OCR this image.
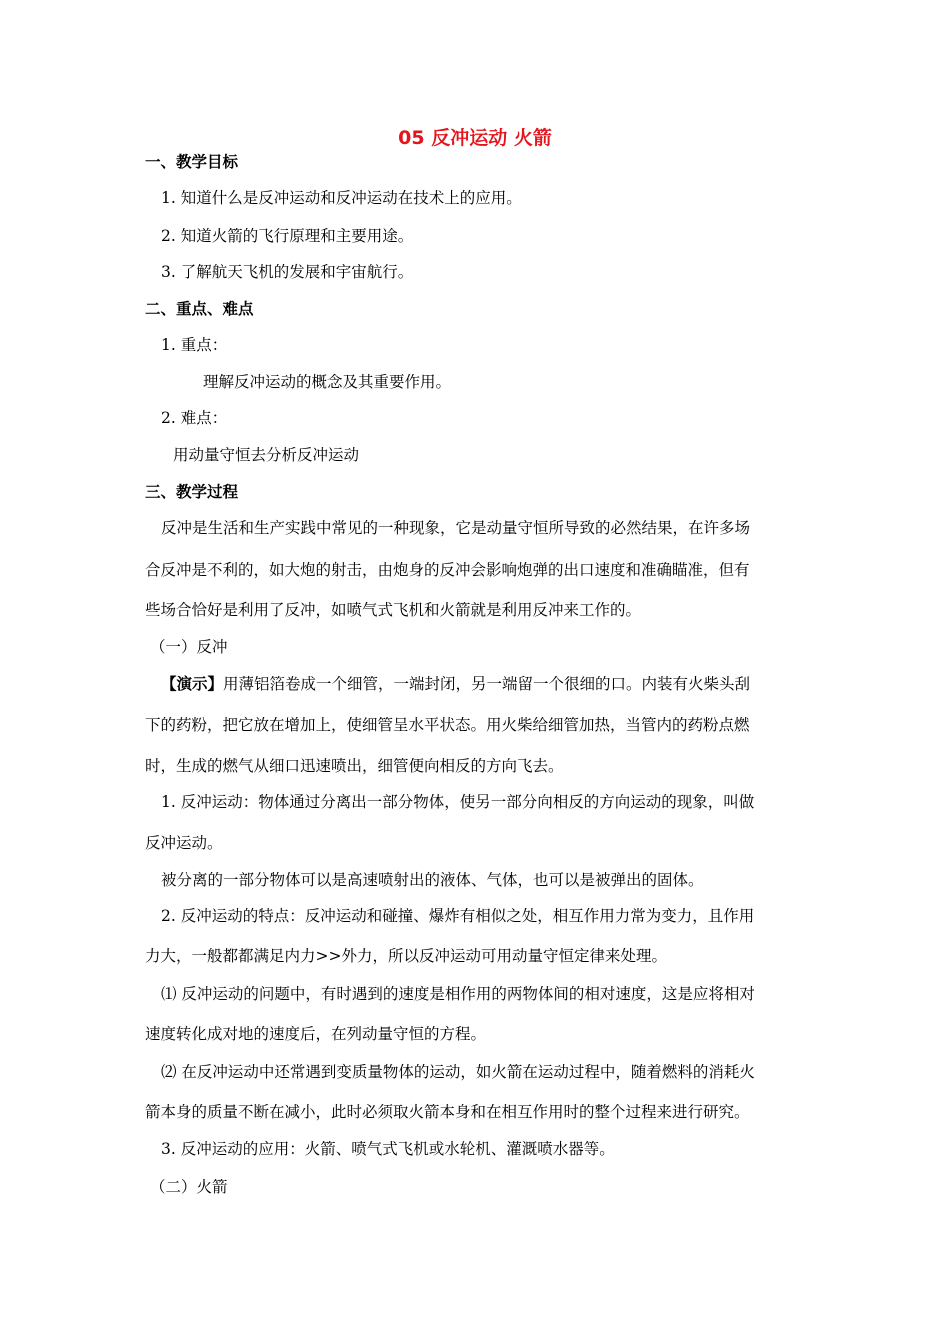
05 反冲运动 火箭
一、教学目标
1. 知道什么是反冲运动和反冲运动在技术上的应用。
2. 知道火箭的飞行原理和主要用途。
3. 了解航天飞机的发展和宇宙航行。
二、重点、难点
1. 重点：
理解反冲运动的概念及其重要作用。
2. 难点：
用动量守恒去分析反冲运动
三、教学过程
反冲是生活和生产实践中常见的一种现象，它是动量守恒所导致的必然结果，在许多场
合反冲是不利的，如大炮的射击，由炮身的反冲会影响炮弹的出口速度和准确瞄准，但有
些场合恰好是利用了反冲，如喷气式飞机和火箭就是利用反冲来工作的。
（一）反冲
【演示】用薄铝箔卷成一个细管，一端封闭，另一端留一个很细的口。内装有火柴头刮
下的药粉，把它放在增加上，使细管呈水平状态。用火柴给细管加热，当管内的药粉点燃
时，生成的燃气从细口迅速喷出，细管便向相反的方向飞去。
1. 反冲运动：物体通过分离出一部分物体，使另一部分向相反的方向运动的现象，叫做
反冲运动。
被分离的一部分物体可以是高速喷射出的液体、气体，也可以是被弹出的固体。
2. 反冲运动的特点：反冲运动和碰撞、爆炸有相似之处，相互作用力常为变力，且作用
力大，一般都都满足内力>>外力，所以反冲运动可用动量守恒定律来处理。
⑴ 反冲运动的问题中，有时遇到的速度是相作用的两物体间的相对速度，这是应将相对
速度转化成对地的速度后，在列动量守恒的方程。
⑵ 在反冲运动中还常遇到变质量物体的运动，如火箭在运动过程中，随着燃料的消耗火
箭本身的质量不断在减小，此时必须取火箭本身和在相互作用时的整个过程来进行研究。
3. 反冲运动的应用：火箭、喷气式飞机或水轮机、灌溉喷水器等。
（二）火箭
